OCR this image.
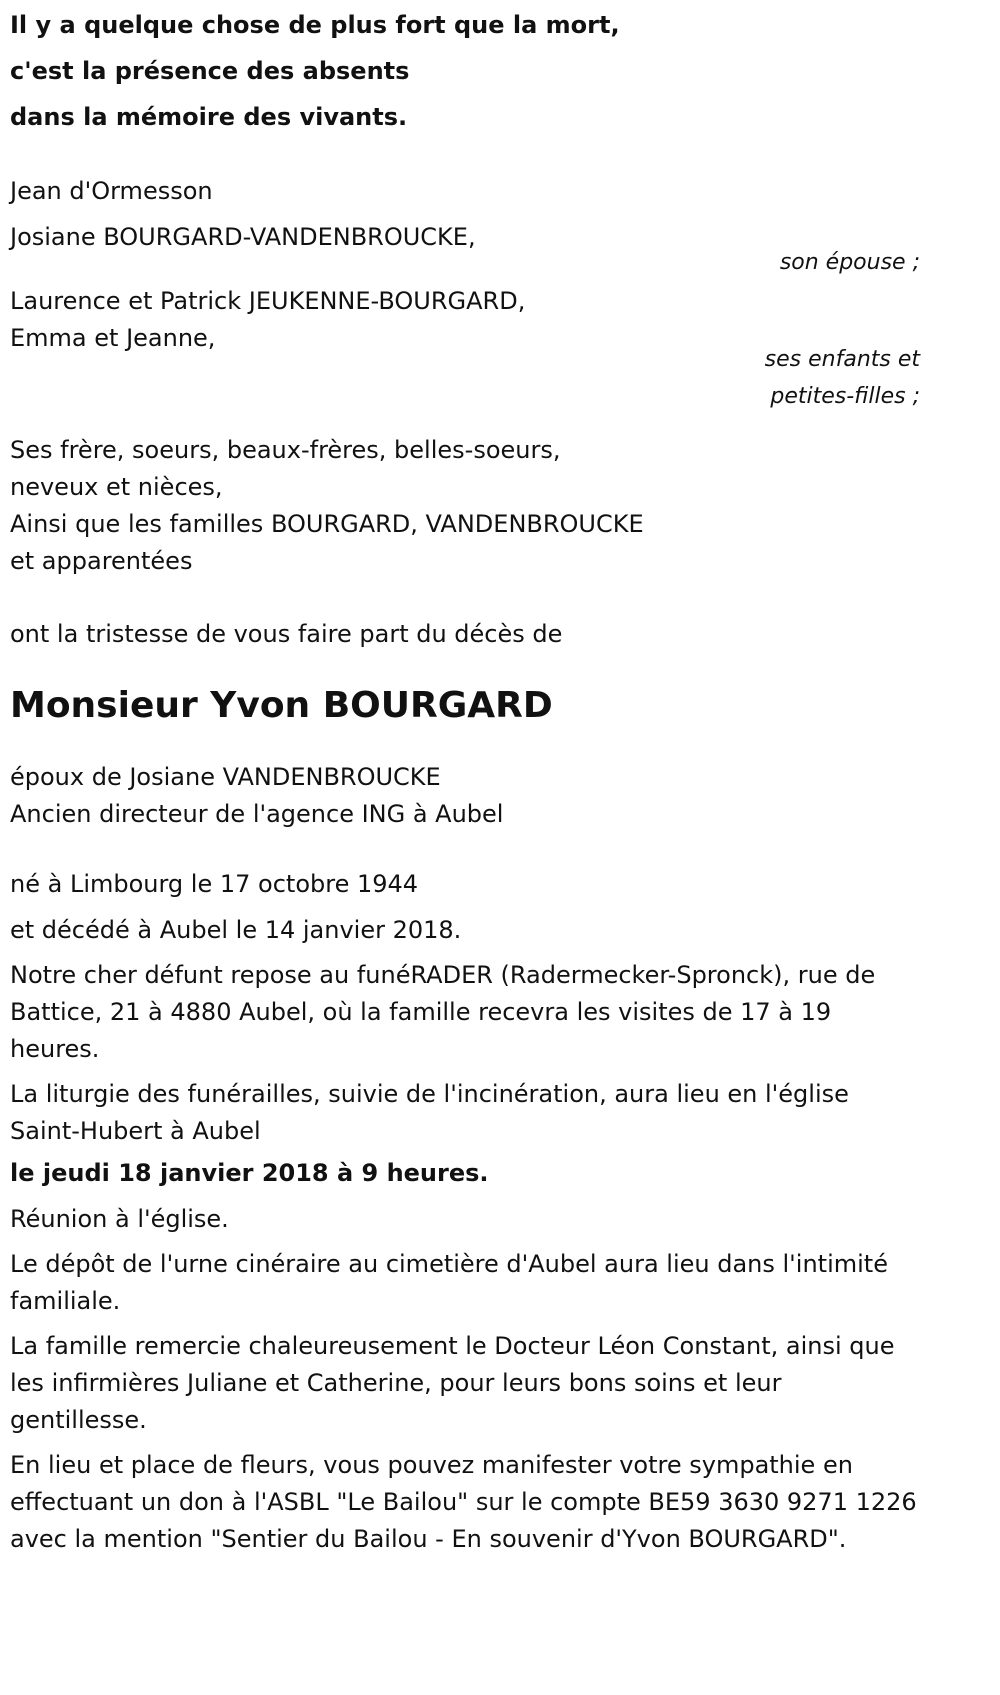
Il y a quelque chose de plus fort que la mort,
c'est la présence des absents
dans la mémoire des vivants.
Jean d'Ormesson
Josiane BOURGARD-VANDENBROUCKE,
son épouse ;
Laurence et Patrick JEUKENNE-BOURGARD,
Emma et Jeanne,
ses enfants et
petites-filles ;
Ses frère, soeurs, beaux-frères, belles-soeurs,
neveux et nièces,
Ainsi que les familles BOURGARD, VANDENBROUCKE
et apparentées
ont la tristesse de vous faire part du décès de
Monsieur Yvon BOURGARD
époux de Josiane VANDENBROUCKE
Ancien directeur de l'agence ING à Aubel
né à Limbourg le 17 octobre 1944
et décédé à Aubel le 14 janvier 2018.
Notre cher défunt repose au funéRADER (Radermecker-Spronck), rue de Battice, 21 à 4880 Aubel, où la famille recevra les visites de 17 à 19 heures.
La liturgie des funérailles, suivie de l'incinération, aura lieu en l'église Saint-Hubert à Aubel
le jeudi 18 janvier 2018 à 9 heures.
Réunion à l'église.
Le dépôt de l'urne cinéraire au cimetière d'Aubel aura lieu dans l'intimité familiale.
La famille remercie chaleureusement le Docteur Léon Constant, ainsi que les infirmières Juliane et Catherine, pour leurs bons soins et leur gentillesse.
En lieu et place de fleurs, vous pouvez manifester votre sympathie en effectuant un don à l'ASBL "Le Bailou" sur le compte BE59 3630 9271 1226 avec la mention "Sentier du Bailou - En souvenir d'Yvon BOURGARD".
